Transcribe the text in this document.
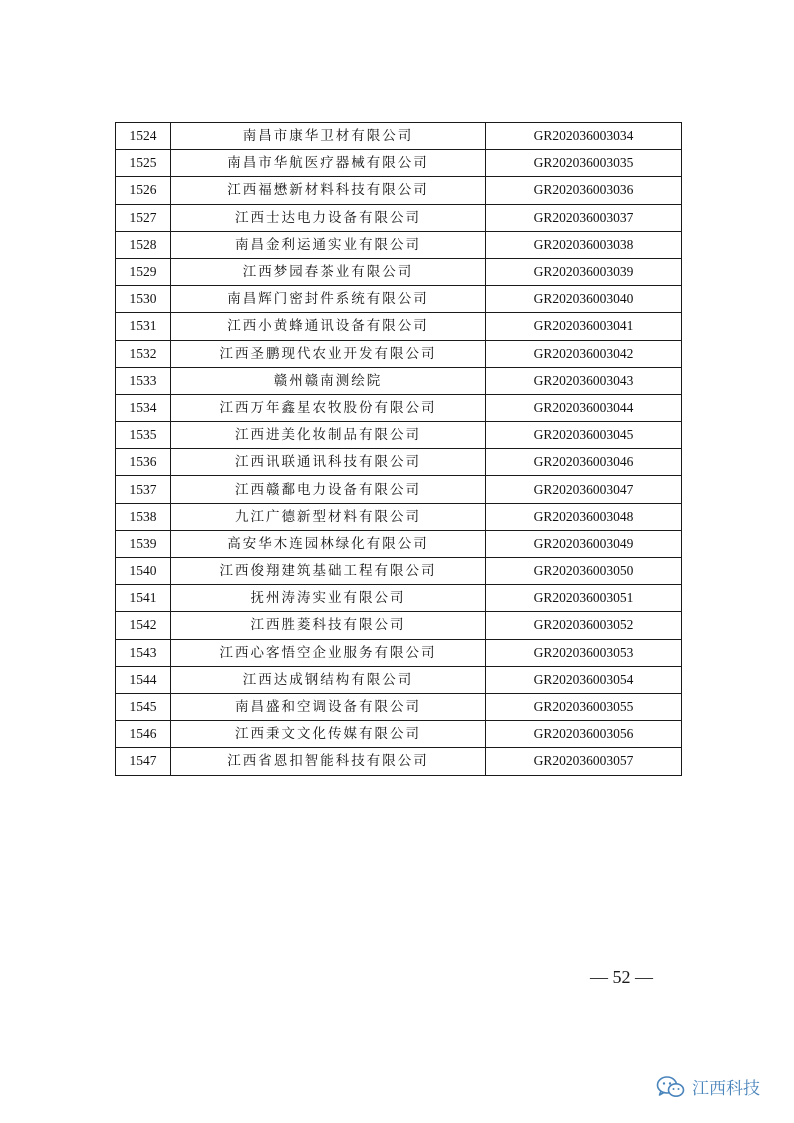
1524	南昌市康华卫材有限公司	GR202036003034
1525	南昌市华航医疗器械有限公司	GR202036003035
1526	江西福懋新材料科技有限公司	GR202036003036
1527	江西士达电力设备有限公司	GR202036003037
1528	南昌金利运通实业有限公司	GR202036003038
1529	江西梦园春茶业有限公司	GR202036003039
1530	南昌辉门密封件系统有限公司	GR202036003040
1531	江西小黄蜂通讯设备有限公司	GR202036003041
1532	江西圣鹏现代农业开发有限公司	GR202036003042
1533	赣州赣南测绘院	GR202036003043
1534	江西万年鑫星农牧股份有限公司	GR202036003044
1535	江西进美化妆制品有限公司	GR202036003045
1536	江西讯联通讯科技有限公司	GR202036003046
1537	江西赣鄱电力设备有限公司	GR202036003047
1538	九江广德新型材料有限公司	GR202036003048
1539	高安华木连园林绿化有限公司	GR202036003049
1540	江西俊翔建筑基础工程有限公司	GR202036003050
1541	抚州涛涛实业有限公司	GR202036003051
1542	江西胜菱科技有限公司	GR202036003052
1543	江西心客悟空企业服务有限公司	GR202036003053
1544	江西达成钢结构有限公司	GR202036003054
1545	南昌盛和空调设备有限公司	GR202036003055
1546	江西秉文文化传媒有限公司	GR202036003056
1547	江西省恩扣智能科技有限公司	GR202036003057
— 52 —
江西科技
